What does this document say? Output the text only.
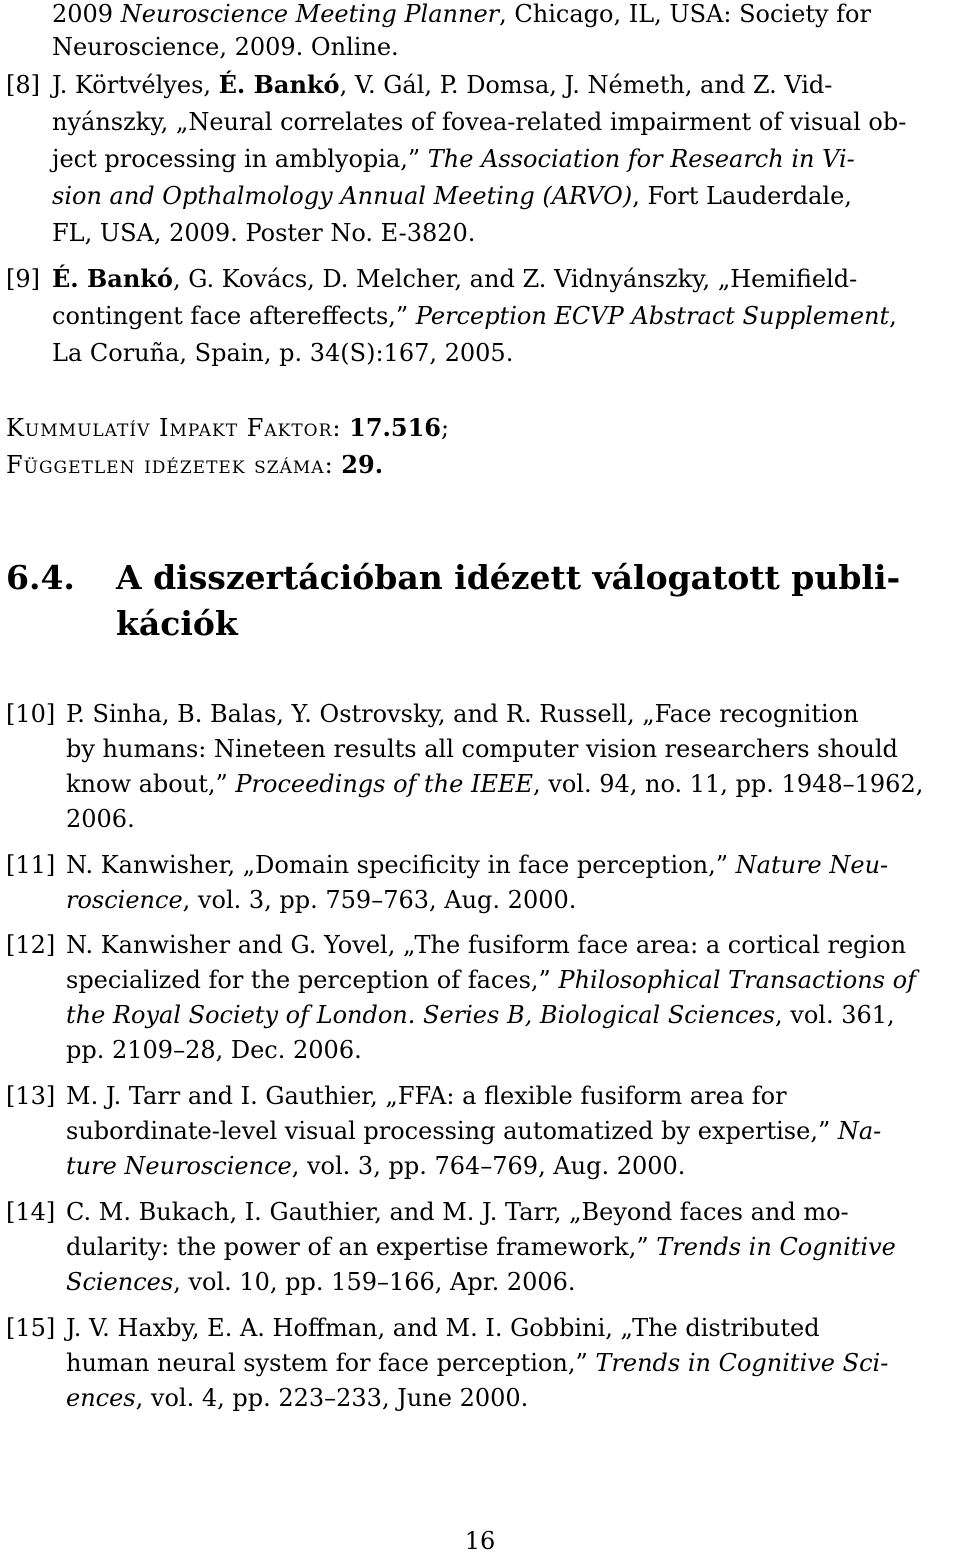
2009 Neuroscience Meeting Planner, Chicago, IL, USA: Society for
Neuroscience, 2009. Online.
[8] J. Körtvélyes, É. Bankó, V. Gál, P. Domsa, J. Németh, and Z. Vid-
nyánszky, „Neural correlates of fovea-related impairment of visual ob-
ject processing in amblyopia,” The Association for Research in Vi-
sion and Opthalmology Annual Meeting (ARVO), Fort Lauderdale,
FL, USA, 2009. Poster No. E-3820.
[9] É. Bankó, G. Kovács, D. Melcher, and Z. Vidnyánszky, „Hemifield-
contingent face aftereffects,” Perception ECVP Abstract Supplement,
La Coruña, Spain, p. 34(S):167, 2005.
Kummulatív Impakt Faktor: 17.516;
Független idézetek száma: 29.
6.4. A disszertációban idézett válogatott publi-
kációk
[10] P. Sinha, B. Balas, Y. Ostrovsky, and R. Russell, „Face recognition
by humans: Nineteen results all computer vision researchers should
know about,” Proceedings of the IEEE, vol. 94, no. 11, pp. 1948–1962,
2006.
[11] N. Kanwisher, „Domain specificity in face perception,” Nature Neu-
roscience, vol. 3, pp. 759–763, Aug. 2000.
[12] N. Kanwisher and G. Yovel, „The fusiform face area: a cortical region
specialized for the perception of faces,” Philosophical Transactions of
the Royal Society of London. Series B, Biological Sciences, vol. 361,
pp. 2109–28, Dec. 2006.
[13] M. J. Tarr and I. Gauthier, „FFA: a flexible fusiform area for
subordinate-level visual processing automatized by expertise,” Na-
ture Neuroscience, vol. 3, pp. 764–769, Aug. 2000.
[14] C. M. Bukach, I. Gauthier, and M. J. Tarr, „Beyond faces and mo-
dularity: the power of an expertise framework,” Trends in Cognitive
Sciences, vol. 10, pp. 159–166, Apr. 2006.
[15] J. V. Haxby, E. A. Hoffman, and M. I. Gobbini, „The distributed
human neural system for face perception,” Trends in Cognitive Sci-
ences, vol. 4, pp. 223–233, June 2000.
16
